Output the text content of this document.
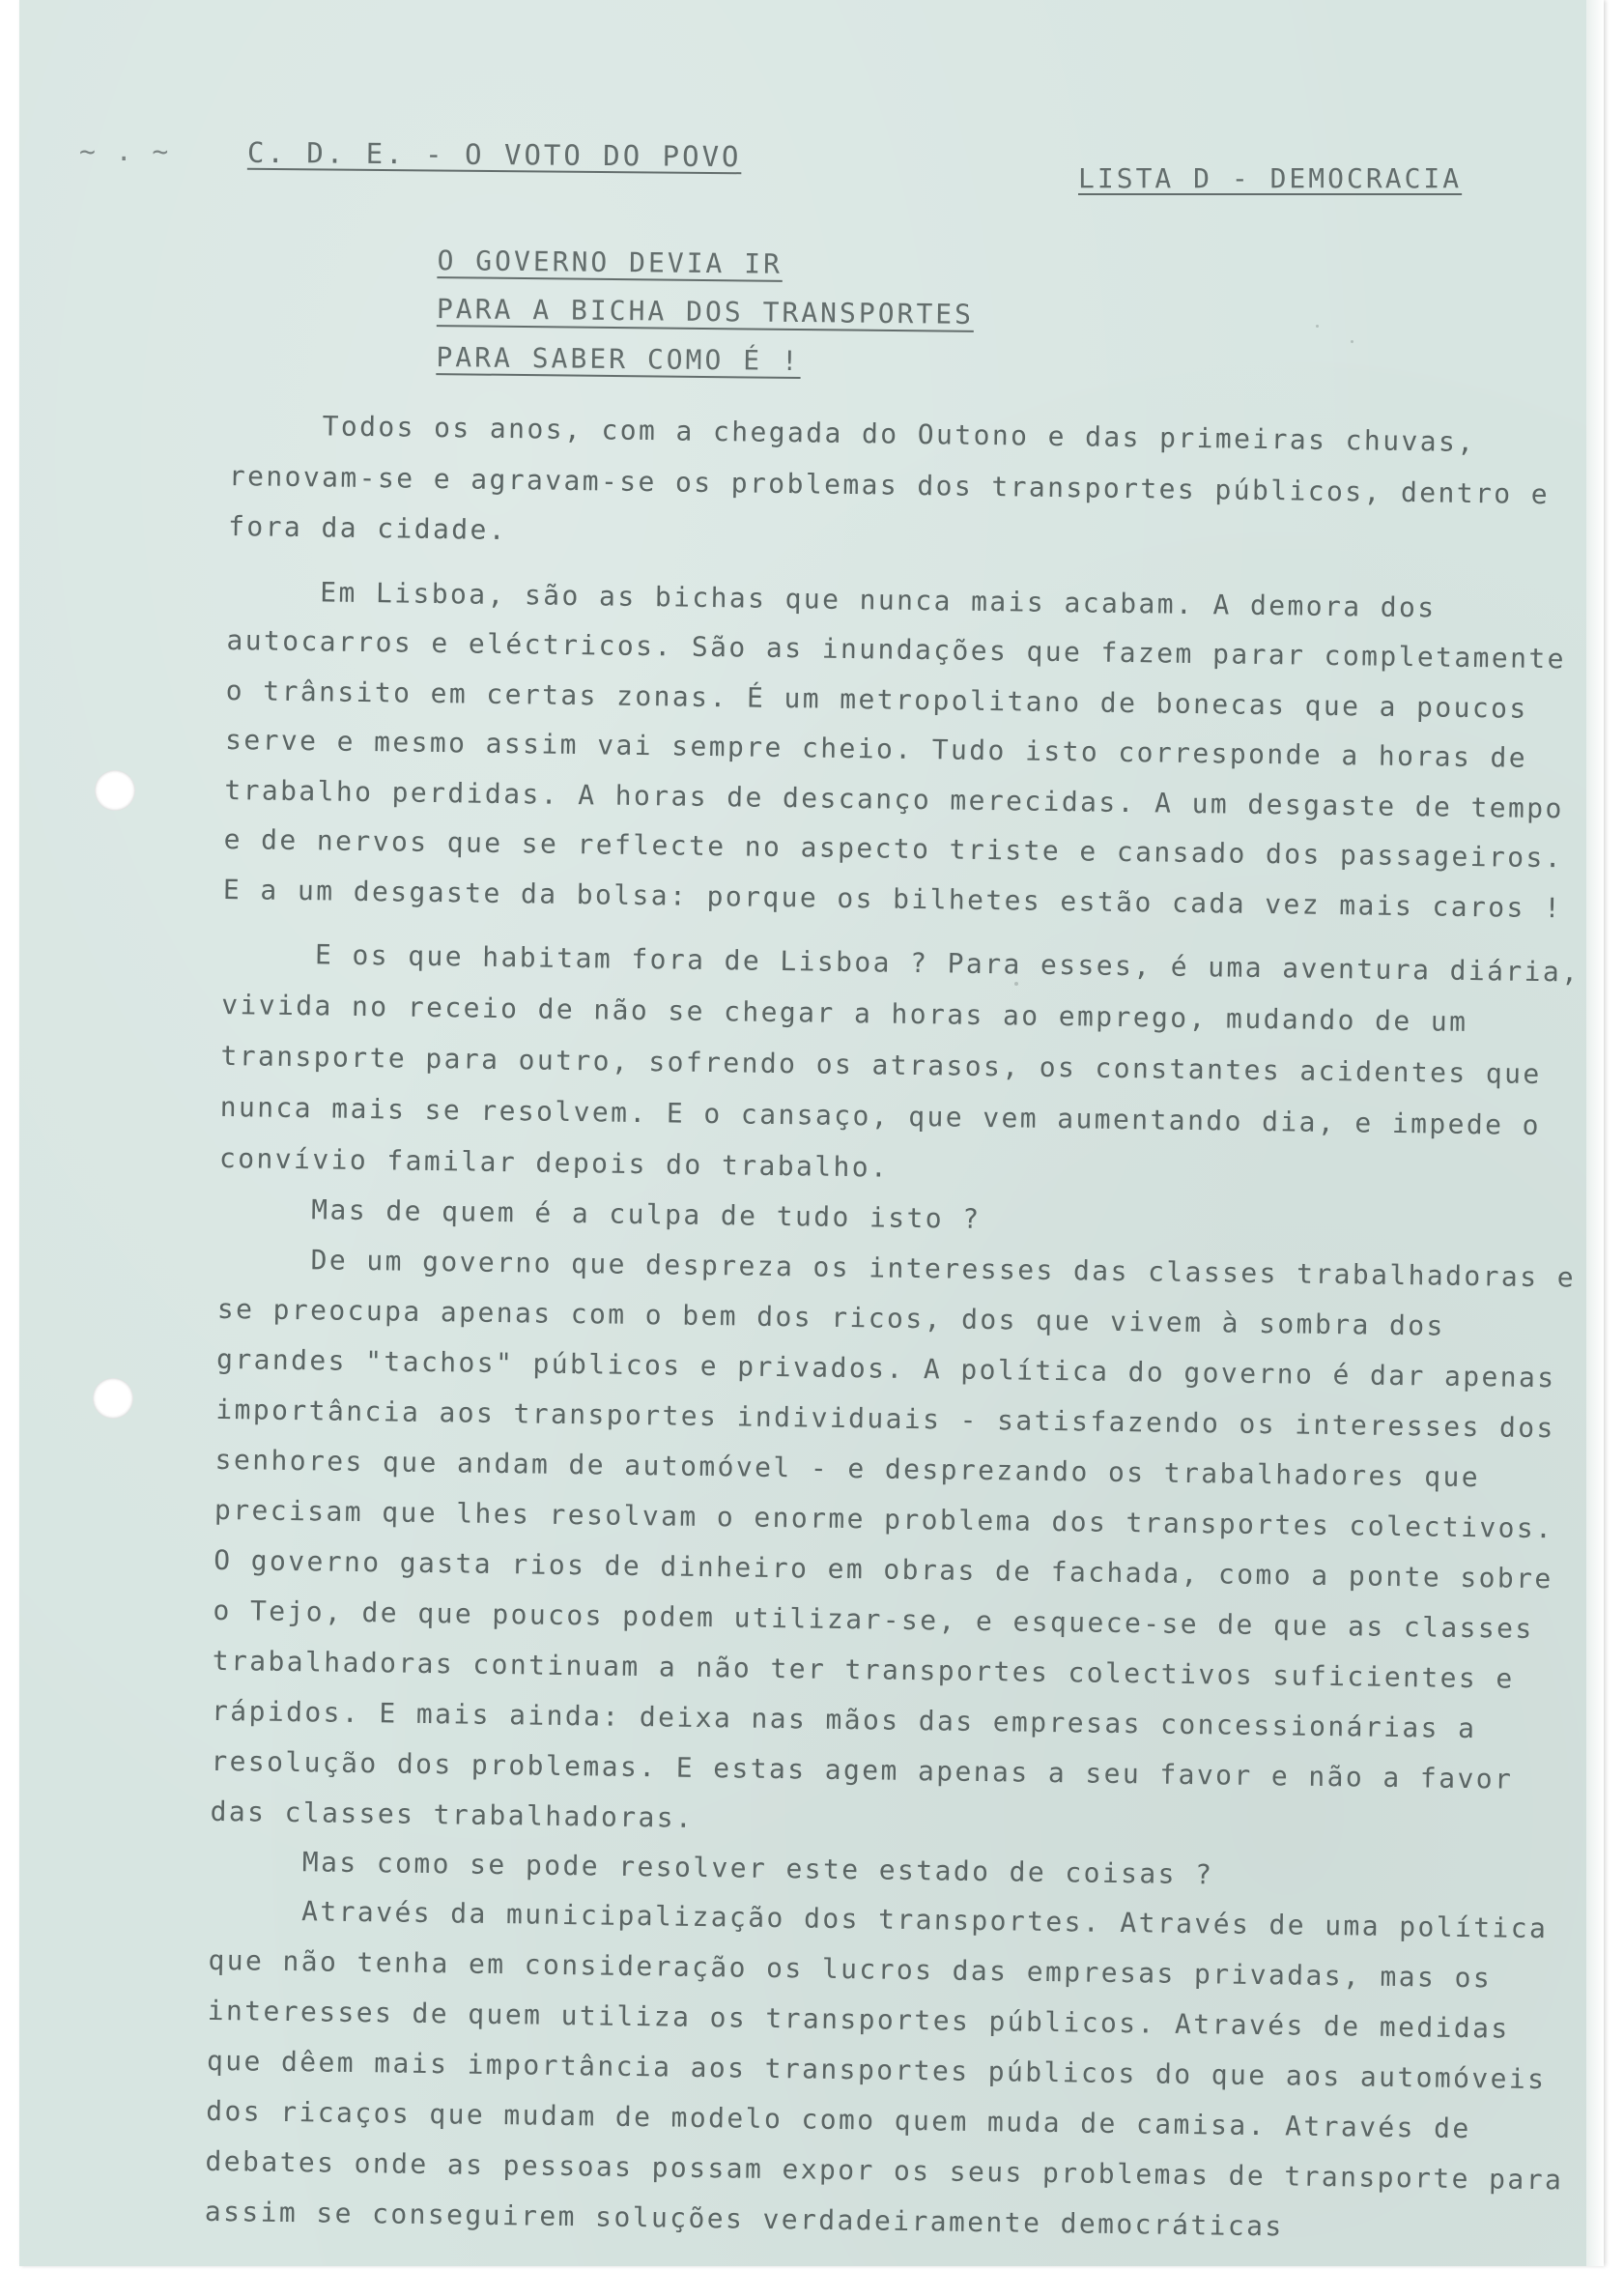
~ . ~	C. D. E. - O VOTO DO POVO
LISTA D - DEMOCRACIA
O GOVERNO DEVIA IR
PARA A BICHA DOS TRANSPORTES
PARA SABER COMO É !

Todos os anos, com a chegada do Outono e das primeiras chuvas, renovam-se e agravam-se os problemas dos transportes públicos, dentro e fora da cidade.

Em Lisboa, são as bichas que nunca mais acabam. A demora dos autocarros e eléctricos. São as inundações que fazem parar completamente o trânsito em certas zonas. É um metropolitano de bonecas que a poucos serve e mesmo assim vai sempre cheio. Tudo isto corresponde a horas de trabalho perdidas. A horas de descanço merecidas. A um desgaste de tempo e de nervos que se reflecte no aspecto triste e cansado dos passageiros. E a um desgaste da bolsa: porque os bilhetes estão cada vez mais caros !

E os que habitam fora de Lisboa ? Para esses, é uma aventura diária, vivida no receio de não se chegar a horas ao emprego, mudando de um transporte para outro, sofrendo os atrasos, os constantes acidentes que nunca mais se resolvem. E o cansaço, que vem aumentando dia, e impede o convívio familar depois do trabalho.

Mas de quem é a culpa de tudo isto ?

De um governo que despreza os interesses das classes trabalhadoras e se preocupa apenas com o bem dos ricos, dos que vivem à sombra dos grandes "tachos" públicos e privados. A política do governo é dar apenas importância aos transportes individuais - satisfazendo os interesses dos senhores que andam de automóvel - e desprezando os trabalhadores que precisam que lhes resolvam o enorme problema dos transportes colectivos. O governo gasta rios de dinheiro em obras de fachada, como a ponte sobre o Tejo, de que poucos podem utilizar-se, e esquece-se de que as classes trabalhadoras continuam a não ter transportes colectivos suficientes e rápidos. E mais ainda: deixa nas mãos das empresas concessionárias a resolução dos problemas. E estas agem apenas a seu favor e não a favor das classes trabalhadoras.

Mas como se pode resolver este estado de coisas ?

Através da municipalização dos transportes. Através de uma política que não tenha em consideração os lucros das empresas privadas, mas os interesses de quem utiliza os transportes públicos. Através de medidas que dêem mais importância aos transportes públicos do que aos automóveis dos ricaços que mudam de modelo como quem muda de camisa. Através de debates onde as pessoas possam expor os seus problemas de transporte para assim se conseguirem soluções verdadeiramente democráticas
